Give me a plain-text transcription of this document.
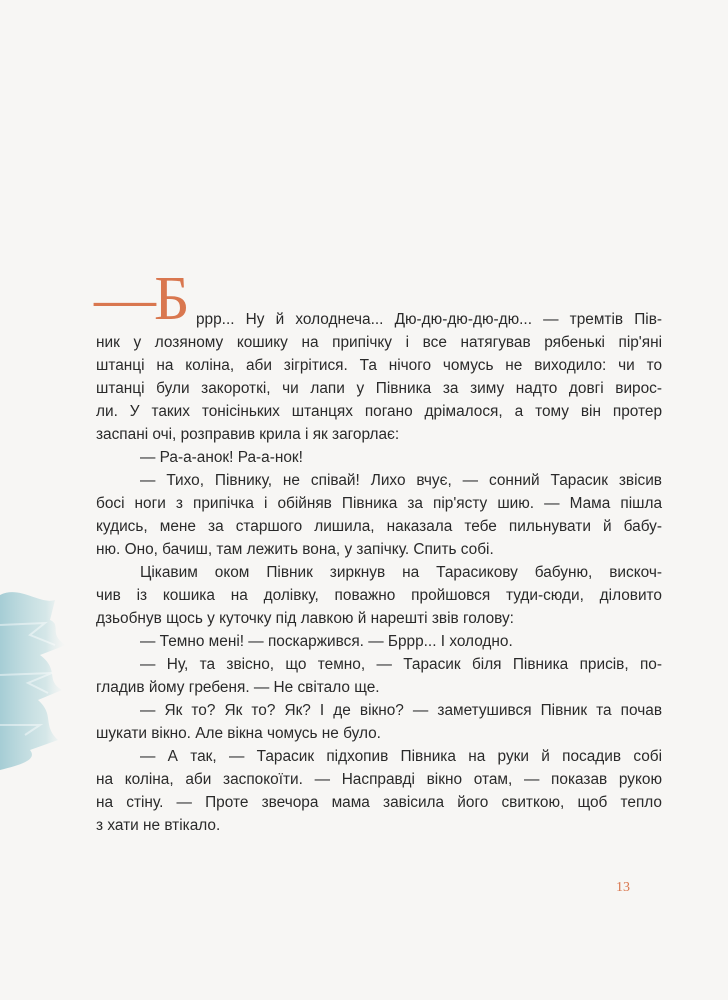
—Б ррр... Ну й холоднеча... Дю-дю-дю-дю-дю... — тремтів Пів-
ник у лозяному кошику на припічку і все натягував рябенькі пір'яні
штанці на коліна, аби зігрітися. Та нічого чомусь не виходило: чи то
штанці були закороткі, чи лапи у Півника за зиму надто довгі вирос-
ли. У таких тонісіньких штанцях погано дрімалося, а тому він протер
заспані очі, розправив крила і як загорлає:
— Ра-а-анок! Ра-а-нок!
— Тихо, Півнику, не співай! Лихо вчує, — сонний Тарасик звісив
босі ноги з припічка і обійняв Півника за пір'ясту шию. — Мама пішла
кудись, мене за старшого лишила, наказала тебе пильнувати й бабу-
ню. Оно, бачиш, там лежить вона, у запічку. Спить собі.
Цікавим оком Півник зиркнув на Тарасикову бабуню, вискоч-
чив із кошика на долівку, поважно пройшовся туди-сюди, діловито
дзьобнув щось у куточку під лавкою й нарешті звів голову:
— Темно мені! — поскаржився. — Бррр... І холодно.
— Ну, та звісно, що темно, — Тарасик біля Півника присів, по-
гладив йому гребеня. — Не світало ще.
— Як то? Як то? Як? І де вікно? — заметушився Півник та почав
шукати вікно. Але вікна чомусь не було.
— А так, — Тарасик підхопив Півника на руки й посадив собі
на коліна, аби заспокоїти. — Насправді вікно отам, — показав рукою
на стіну. — Проте звечора мама завісила його свиткою, щоб тепло
з хати не втікало.
13
